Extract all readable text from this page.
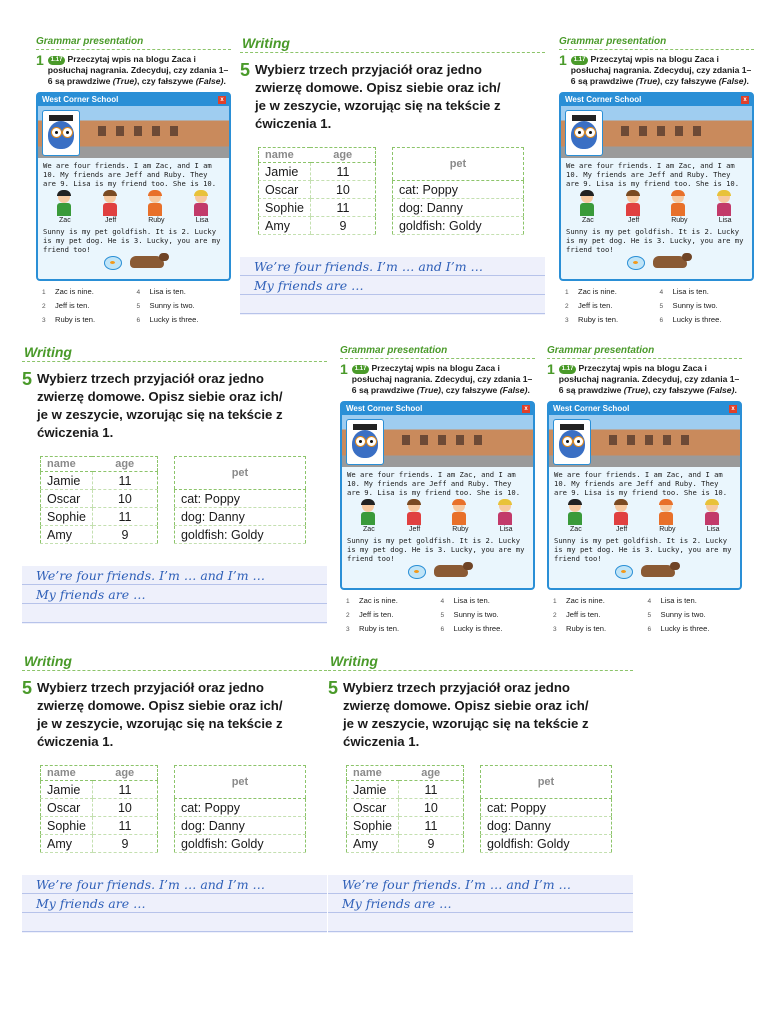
Writing
5 Wybierz trzech przyjaciół oraz jedno zwierzę domowe. Opisz siebie oraz ich/ je w zeszycie, wzorując się na tekście z ćwiczenia 1.
name	age
Jamie	11
Oscar	10
Sophie	11
Amy	9
pet
cat: Poppy
dog: Danny
goldfish: Goldy
We’re four friends. I’m … and I’m …
My friends are …
Grammar presentation
1	1.17 Przeczytaj wpis na blogu Zaca i posłuchaj nagrania. Zdecyduj, czy zdania 1–6 są prawdziwe (True), czy fałszywe (False).
West Corner School	x
We are four friends. I am Zac, and I am 10. My friends are Jeff and Ruby. They are 9. Lisa is my friend too. She is 10.
Zac	Jeff	Ruby	Lisa
Sunny is my pet goldfish. It is 2. Lucky is my pet dog. He is 3. Lucky, you are my friend too!
1 Zac is nine.	4 Lisa is ten.
2 Jeff is ten.	5 Sunny is two.
3 Ruby is ten.	6 Lucky is three.
Grammar presentation
1	1.17 Przeczytaj wpis na blogu Zaca i posłuchaj nagrania. Zdecyduj, czy zdania 1–6 są prawdziwe (True), czy fałszywe (False).
West Corner School	x
We are four friends. I am Zac, and I am 10. My friends are Jeff and Ruby. They are 9. Lisa is my friend too. She is 10.
Zac	Jeff	Ruby	Lisa
Sunny is my pet goldfish. It is 2. Lucky is my pet dog. He is 3. Lucky, you are my friend too!
1 Zac is nine.	4 Lisa is ten.
2 Jeff is ten.	5 Sunny is two.
3 Ruby is ten.	6 Lucky is three.
Writing
5 Wybierz trzech przyjaciół oraz jedno zwierzę domowe. Opisz siebie oraz ich/ je w zeszycie, wzorując się na tekście z ćwiczenia 1.
name	age
Jamie	11
Oscar	10
Sophie	11
Amy	9
pet
cat: Poppy
dog: Danny
goldfish: Goldy
We’re four friends. I’m … and I’m …
My friends are …
Grammar presentation
1	1.17 Przeczytaj wpis na blogu Zaca i posłuchaj nagrania. Zdecyduj, czy zdania 1–6 są prawdziwe (True), czy fałszywe (False).
West Corner School	x
We are four friends. I am Zac, and I am 10. My friends are Jeff and Ruby. They are 9. Lisa is my friend too. She is 10.
Zac	Jeff	Ruby	Lisa
Sunny is my pet goldfish. It is 2. Lucky is my pet dog. He is 3. Lucky, you are my friend too!
1 Zac is nine.	4 Lisa is ten.
2 Jeff is ten.	5 Sunny is two.
3 Ruby is ten.	6 Lucky is three.
Grammar presentation
1	1.17 Przeczytaj wpis na blogu Zaca i posłuchaj nagrania. Zdecyduj, czy zdania 1–6 są prawdziwe (True), czy fałszywe (False).
West Corner School	x
We are four friends. I am Zac, and I am 10. My friends are Jeff and Ruby. They are 9. Lisa is my friend too. She is 10.
Zac	Jeff	Ruby	Lisa
Sunny is my pet goldfish. It is 2. Lucky is my pet dog. He is 3. Lucky, you are my friend too!
1 Zac is nine.	4 Lisa is ten.
2 Jeff is ten.	5 Sunny is two.
3 Ruby is ten.	6 Lucky is three.
Writing
5 Wybierz trzech przyjaciół oraz jedno zwierzę domowe. Opisz siebie oraz ich/ je w zeszycie, wzorując się na tekście z ćwiczenia 1.
name	age
Jamie	11
Oscar	10
Sophie	11
Amy	9
pet
cat: Poppy
dog: Danny
goldfish: Goldy
We’re four friends. I’m … and I’m …
My friends are …
Writing
5 Wybierz trzech przyjaciół oraz jedno zwierzę domowe. Opisz siebie oraz ich/ je w zeszycie, wzorując się na tekście z ćwiczenia 1.
name	age
Jamie	11
Oscar	10
Sophie	11
Amy	9
pet
cat: Poppy
dog: Danny
goldfish: Goldy
We’re four friends. I’m … and I’m …
My friends are …
